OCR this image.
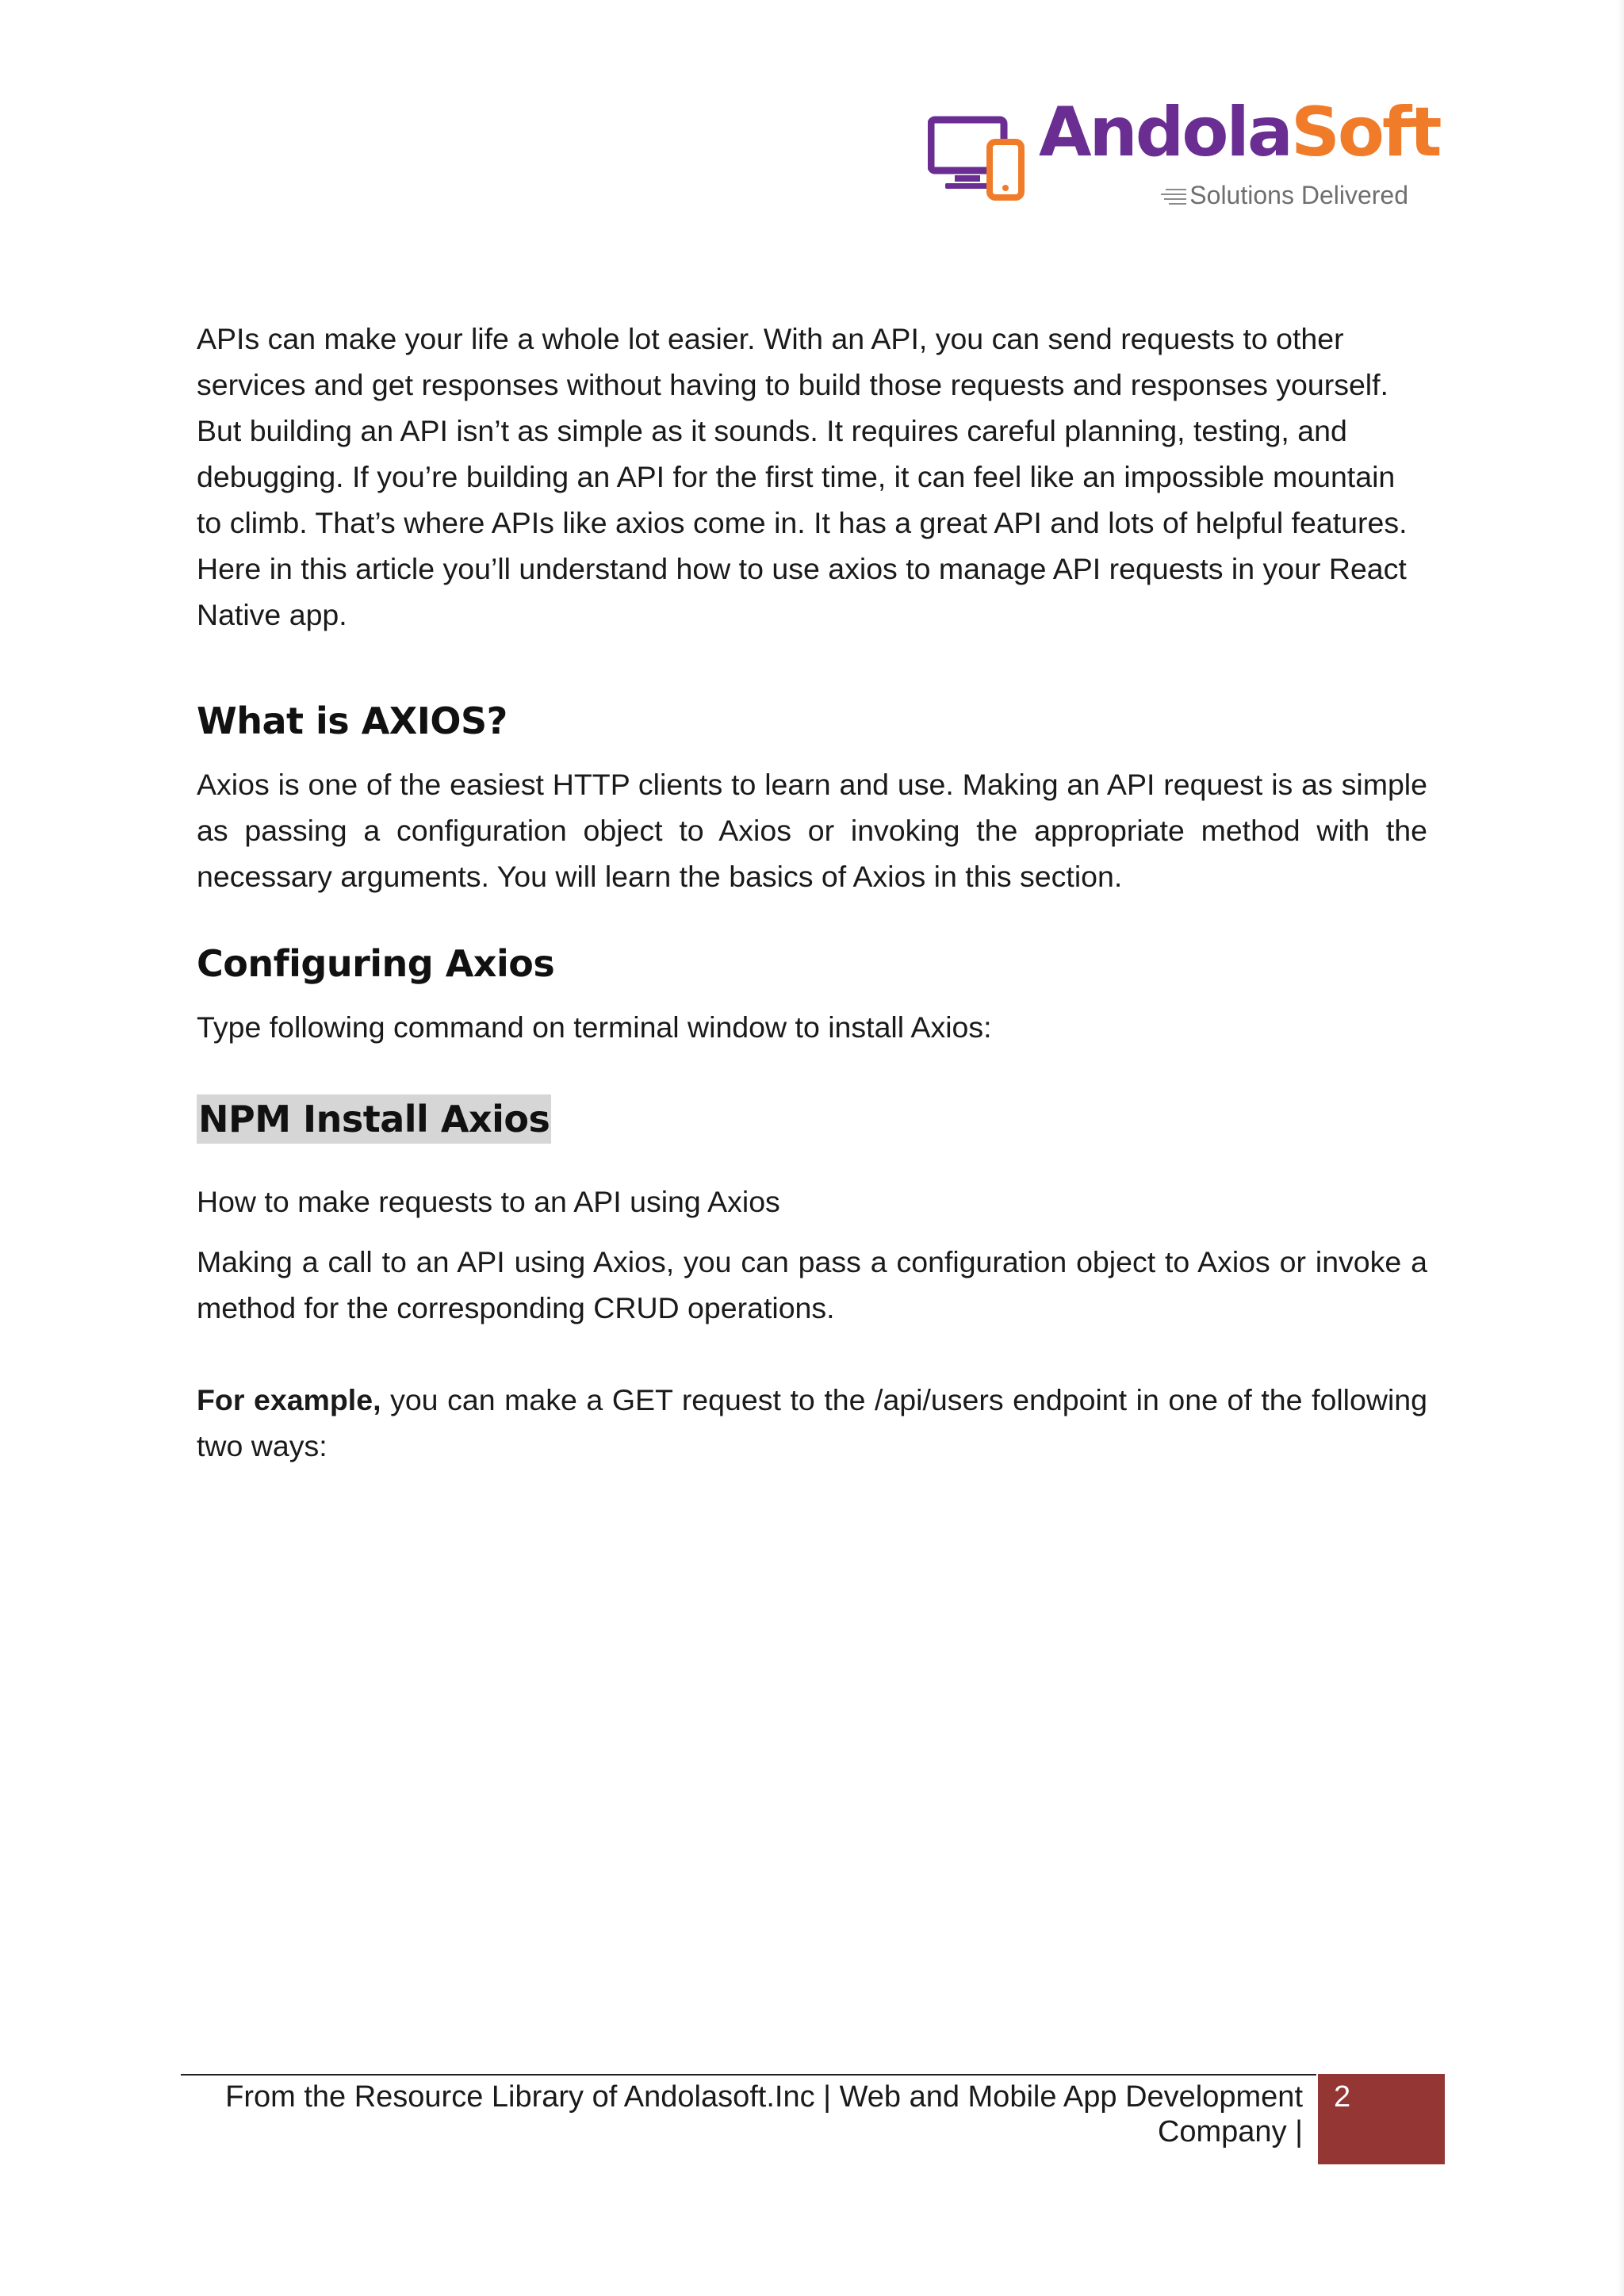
AndolaSoft
Solutions Delivered

APIs can make your life a whole lot easier. With an API, you can send requests to other services and get responses without having to build those requests and responses yourself. But building an API isn’t as simple as it sounds. It requires careful planning, testing, and debugging. If you’re building an API for the first time, it can feel like an impossible mountain to climb. That’s where APIs like axios come in. It has a great API and lots of helpful features. Here in this article you’ll understand how to use axios to manage API requests in your React Native app.

What is AXIOS?

Axios is one of the easiest HTTP clients to learn and use. Making an API request is as simple as passing a configuration object to Axios or invoking the appropriate method with the necessary arguments. You will learn the basics of Axios in this section.

Configuring Axios

Type following command on terminal window to install Axios:

NPM Install Axios

How to make requests to an API using Axios

Making a call to an API using Axios, you can pass a configuration object to Axios or invoke a method for the corresponding CRUD operations.

For example, you can make a GET request to the /api/users endpoint in one of the following two ways:

From the Resource Library of Andolasoft.Inc | Web and Mobile App Development
Company |
2
